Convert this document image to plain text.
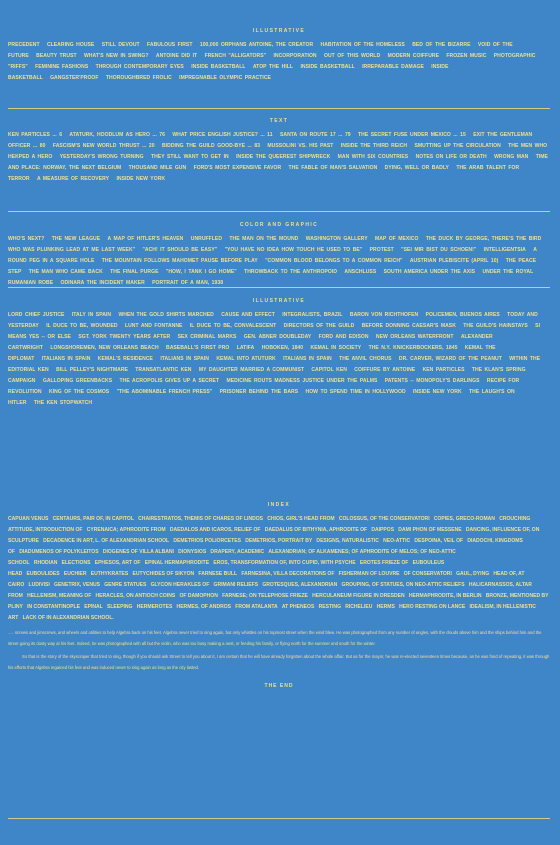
ILLUSTRATIVE
PRECEDENT CLEARING HOUSE STILL DEVOUT FABULOUS FIRST 100,000 ORPHANS ANTOINE, THE CREATOR HABITATION OF THE HOMELESS BED OF THE BIZARRE VOID OF THE FUTURE BEAUTY TRUST WHAT'S NEW IN SWING? ANTOINE DID IT FRENCH "ALLIGATORS" INCORPORATION OUT OF THIS WORLD MODERN COIFFURE FROZEN MUSIC PHOTOGRAPHIC "RIFFS" FEMININE FASHIONS THROUGH CONTEMPORARY EYES INSIDE BASKETBALL ATOP THE HILL INSIDE BASKETBALL IRREPARABLE DAMAGE INSIDE BASKETBALL GANGSTER'PROOF THOROUGHBRED FROLIC IMPREGNABLE OLYMPIC PRACTICE
TEXT
KEN PARTICLES ... 6 ATATURK, HOODLUM AS HERO ... 76 WHAT PRICE ENGLISH JUSTICE? ... 11 SANTA ON ROUTE 17 ... 79 THE SECRET FUSE UNDER MEXICO ... 15 EXIT THE GENTLEMAN OFFICER ... 80 FASCISM'S NEW WORLD THRUST ... 20 BIDDING THE GUILD GOOD-BYE ... 83 MUSSOLINI VS. HIS PAST INSIDE THE THIRD REICH SMUTTING UP THE CIRCULATION THE MEN WHO HEKPED A HERO YESTERDAY'S WRONG TURNING THEY STILL WANT TO GET IN INSIDE THE QUEEREST SHIPWRECK MAN WITH SIX COUNTRIES NOTES ON LIFE OR DEATH WRONG MAN TIME AND PLACE: NORWAY, THE NEXT BELGIUM THOUSAND MILE GUN FORD'S MOST EXPENSIVE FAVOR THE FABLE OF MAN'S SALVATION DYING, WELL OR BADLY THE ARAB TALENT FOR TERROR A MEASURE OF RECOVERY INSIDE NEW YORK
COLOR AND GRAPHIC
WHO'S NEXT? THE NEW LEAGUE A MAP OF HITLER'S HEAVEN UNRUFFLED THE MAN ON THE MOUND WASHINGTON GALLERY MAP OF MEXICO THE DUCK BY GEORGE, THERE'S THE BIRD WHO WAS PLUNKING LEAD AT ME LAST WEEK" "ACH! IT SHOULD BE EASY" "YOU HAVE NO IDEA HOW TOUCH HE USED TO BE" PROTEST "SEI MIR BIST DU SCHOEN!" INTELLIGENTSIA A ROUND PEG IN A SQUARE HOLE THE MOUNTAIN FOLLOWS MAHOMET PAUSE BEFORE PLAY "COMMON BLOOD BELONGS TO A COMMON REICH" AUSTRIAN PLEBISCITE (APRIL 10) THE PEACE STEP THE MAN WHO CAME BACK THE FINAL PURGE "HOW, I TANK I GO HOME" THROWBACK TO THE ANTHROPOID ANSCHLUSS SOUTH AMERICA UNDER THE AXIS UNDER THE ROYAL RUMANIAN ROBE ODINARA THE INCIDENT MAKER PORTRAIT OF A MAN, 1938
ILLUSTRATIVE
LORD CHIEF JUSTICE ITALY IN SPAIN WHEN THE GOLD SHIRTS MARCHED CAUSE AND EFFECT INTEGRALISTS, BRAZIL BARON VON RICHTHOFEN POLICEMEN, BUENOS AIRES TODAY AND YESTERDAY IL DUCE TO BE, WOUNDED LUNT AND FONTANNE IL DUCE TO BE, CONVALESCENT DIRECTORS OF THE GUILD BEFORE DONNING CAESAR'S MASK THE GUILD'S HAINSTAYS SI MEANS YES -- OR ELSE SGT. YORK TWENTY YEARS AFTER SEX CRIMINAL MARKS GEN. ABNER DOUBLEDAY FORD AND EDISON NEW ORLEANS WATERFRONT ALEXANDER CARTWRIGHT LONGSHOREMEN, NEW ORLEANS BEACH BASEBALL'S FIRST PRO LATIFA HOBOKEN, 1840 KEMAL IN SOCIETY THE N.Y. KNICKERBOCKERS, 1845 KEMAL THE DIPLOMAT ITALIANS IN SPAIN KEMAL'S RESIDENCE ITALIANS IN SPAIN KEMAL INTO ATUTURK ITALIANS IN SPAIN THE ANVIL CHORUS DR. CARVER, WIZARD OF THE PEANUT WITHIN THE EDITORIAL KEN BILL PELLEY'S NIGHTMARE TRANSATLANTIC KEN MY DAUGHTER MARRIED A COMMUNIST CAPITOL KEN COIFFURE BY ANTOINE KEN PARTICLES THE KLAN'S SPRING CAMPAIGN GALLOPING GREENBACKS THE ACROPOLIS GIVES UP A SECRET MEDICINE ROUTS MADNESS JUSTICE UNDER THE PALMS PATENTS -- MONOPOLY'S DARLINGS RECIPE FOR REVOLUTION KING OF THE COSMOS "THE ABOMINABLE FRENCH PRESS" PRISONER BEHIND THE BARS HOW TO SPEND TIME IN HOLLYWOOD INSIDE NEW YORK THE LAUGH'S ON HITLER THE KEN STOPWATCH
INDEX
CAPUAN VENUS CENTAURS, PAIR OF, IN CAPITOL CHAIRESTRATOS, THEMIS OF CHARES OF LINDOS CHIOS, GIRL'S HEAD FROM COLOSSUS, OF THE CONSERVATORI COPIES, GRECO-ROMAN CROUCHING ATTITUDE, INTRODUCTION OF CYRENAICA; APHRODITE FROM DAEDALOS AND ICAROS, RELIEF OF DAEDALUS OF BITHYNIA, APHRODITE OF DAIPPOS DAMI PHON OF MESSENE DANCING, INFLUENCE OF, ON SCULPTURE DECADENCE IN ART, L. OF ALEXANDRIAN SCHOOL DEMETRIOS POLIORCETES DEMETRIOS, PORTRAIT BY DESIGNS, NATURALISTIC NEO-ATTIC DESPOINA, VEIL OF DIADOCHI, KINGDOMS OF DIADUMENOS OF POLYKLEITOS DIOGENES OF VILLA ALBANI DIONYSIOS DRAPERY, ACADEMIC ALEXANDRIAN; OF ALKAMENES; OF APHRODITE OF MELOS; OF NEO-ATTIC SCHOOL RHODIAN ELECTIONS EPHESOS, ART OF EPINAL HERMAPHRODITE EROS, TRANSFORMATION OF, INTO CUPID, WITH PSYCHE EROTES FRIEZE OF EUBOULEUS HEAD EUBOULIDES EUCHIER EUTHYKRATES EUTYCHIDES OF SIKYON FARNESE BULL FARNESINA, VILLA DECORATIONS OF FISHERMAN OF LOUVRE OF CONSERVATORI GAUL, DYING HEAD OF, AT CAIRO LUDIVISI GENETRIX, VENUS GENRE STATUES GLYCON HERAKLES OF GRIMANI RELIEFS GROTESQUES, ALEXANDRIAN GROUPING, OF STATUES, ON NEO-ATTIC RELIEFS HALICARNASSOS, ALTAR FROM HELLENISM, MEANING OF HERACLES, ON ANTIOCH COINS OF DAMOPHON FARNESE; ON TELEPHOSE FRIEZE HERCULANEUM FIGURE IN DRESDEN HERMAPHRODITE, IN BERLIN BRONZE, MENTIONED BY PLINY IN CONSTANTINOPLE EPINAL SLEEPING HERMEROTES HERMES, OF ANDROS FROM ATALANTA AT PHENEOS RESTING RICHELIEU HERMS HERO RESTING ON LANCE IDEALISM, IN HELLENISTIC ART LACK OF IN ALEXANDRIAN SCHOOL.

..... screws and jimscrews, and wheels and utilities to help Algebra back on his feet. Algebra never tried to sing again, but only whistles on his topmost street when the wind blew. He was photographed from any number of angles, with the clouds above him and the ships behind him and the street going its dusty way at his feet. Indeed, he was photographed with all but the violin, who was too busy making a nest, or feeding his family, or flying north for the summer and south for the winter.

So that is the story of the skyscraper that tried to sing, though if you should ask Street to tell you about it, I am certain that he will have already forgotten about the whole affair. But as for the mayor, he was re-elected seventeen times because, as he was fond of repeating, it was through his efforts that Algebra regained his feet and was induced never to sing again as long as the city lasted.

THE END
